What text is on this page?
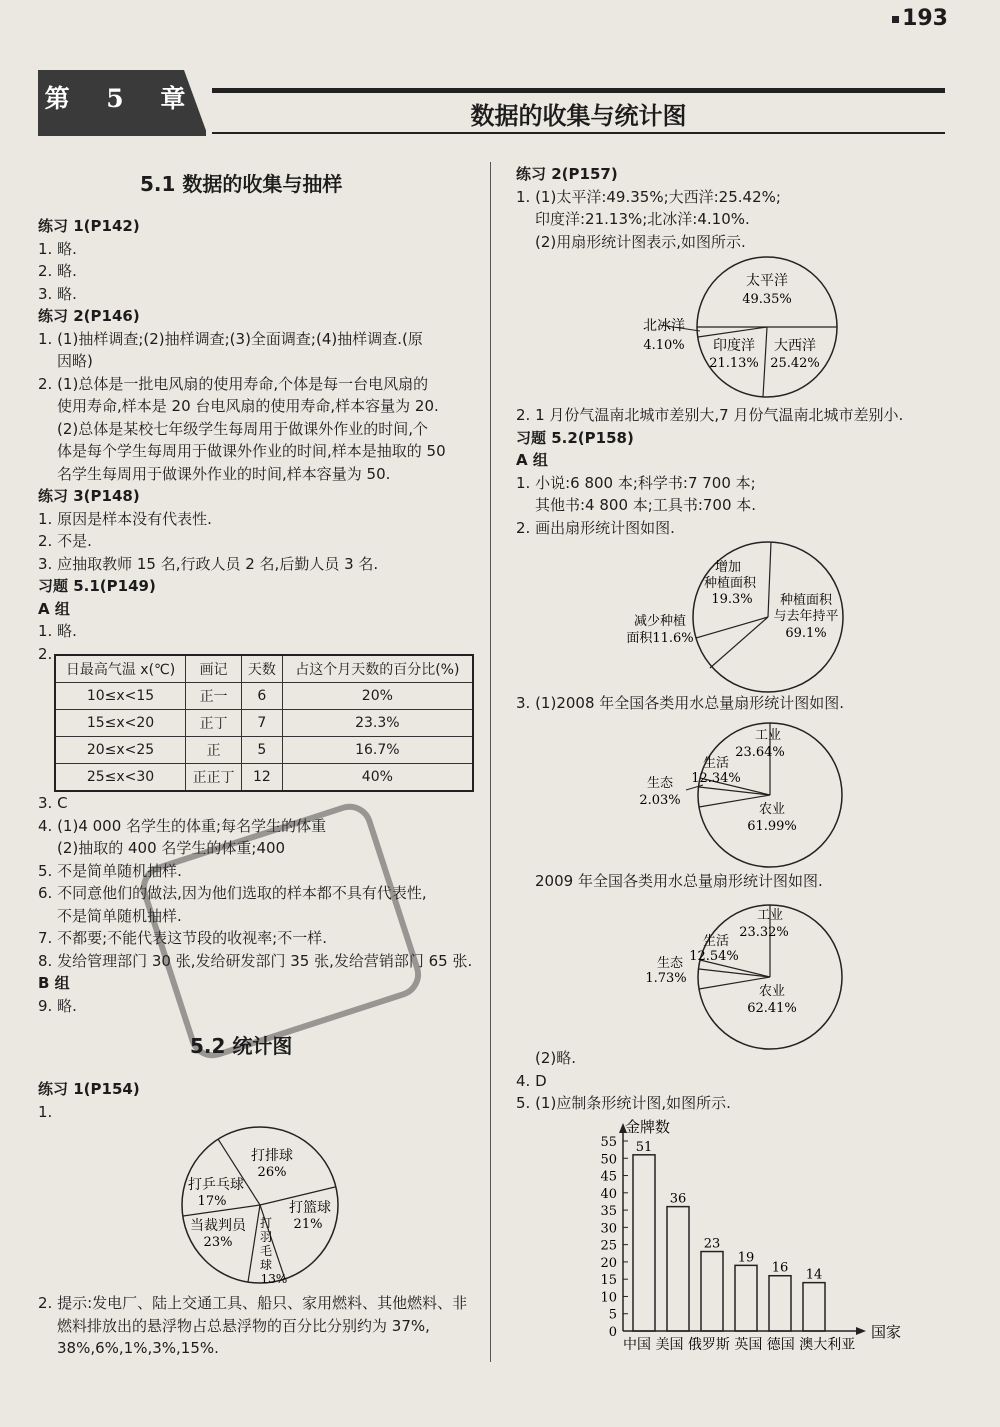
193
第 5 章
数据的收集与统计图
5.1 数据的收集与抽样
练习 1(P142)
1. 略.
2. 略.
3. 略.
练习 2(P146)
1. (1)抽样调查;(2)抽样调查;(3)全面调查;(4)抽样调查.(原
因略)
2. (1)总体是一批电风扇的使用寿命,个体是每一台电风扇的
使用寿命,样本是 20 台电风扇的使用寿命,样本容量为 20.
(2)总体是某校七年级学生每周用于做课外作业的时间,个
体是每个学生每周用于做课外作业的时间,样本是抽取的 50
名学生每周用于做课外作业的时间,样本容量为 50.
练习 3(P148)
1. 原因是样本没有代表性.
2. 不是.
3. 应抽取教师 15 名,行政人员 2 名,后勤人员 3 名.
习题 5.1(P149)
A 组
1. 略.
2.
日最高气温 x(℃)	画记	天数	占这个月天数的百分比(%)
10≤x<15	正一	6	20%
15≤x<20	正丁	7	23.3%
20≤x<25	正	5	16.7%
25≤x<30	正正丁	12	40%
3. C
4. (1)4 000 名学生的体重;每名学生的体重
(2)抽取的 400 名学生的体重;400
5. 不是简单随机抽样.
6. 不同意他们的做法,因为他们选取的样本都不具有代表性,
不是简单随机抽样.
7. 不都要;不能代表这节段的收视率;不一样.
8. 发给管理部门 30 张,发给研发部门 35 张,发给营销部门 65 张.
B 组
9. 略.
5.2 统计图
练习 1(P154)
1.
打排球
26%
打篮球
21%
打
羽
毛
球
13%
当裁判员
23%
打乒乓球
17%
2. 提示:发电厂、陆上交通工具、船只、家用燃料、其他燃料、非
燃料排放出的悬浮物占总悬浮物的百分比分别约为 37%,
38%,6%,1%,3%,15%.
练习 2(P157)
1. (1)太平洋:49.35%;大西洋:25.42%;
印度洋:21.13%;北冰洋:4.10%.
(2)用扇形统计图表示,如图所示.
太平洋
49.35%
北冰洋
4.10% 印度洋
21.13%
大西洋
25.42%
2. 1 月份气温南北城市差别大,7 月份气温南北城市差别小.
习题 5.2(P158)
A 组
1. 小说:6 800 本;科学书:7 700 本;
其他书:4 800 本;工具书:700 本.
2. 画出扇形统计图如图.
增加
种植面积
19.3% 种植面积
与去年持平
69.1%
减少种植
面积11.6%
3. (1)2008 年全国各类用水总量扇形统计图如图.
工业
23.64%
生活
12.34%
生态
2.03%
农业
61.99%
2009 年全国各类用水总量扇形统计图如图.
工业
23.32%
生活
12.54%
生态
1.73%
农业
62.41%
(2)略.
4. D
5. (1)应制条形统计图,如图所示.
0
5
10
15
20
25
30
35
40
45
50
55 51
36
23
19
16 14
金牌数
国家
中国 美国 俄罗斯 英国 德国 澳大利亚
